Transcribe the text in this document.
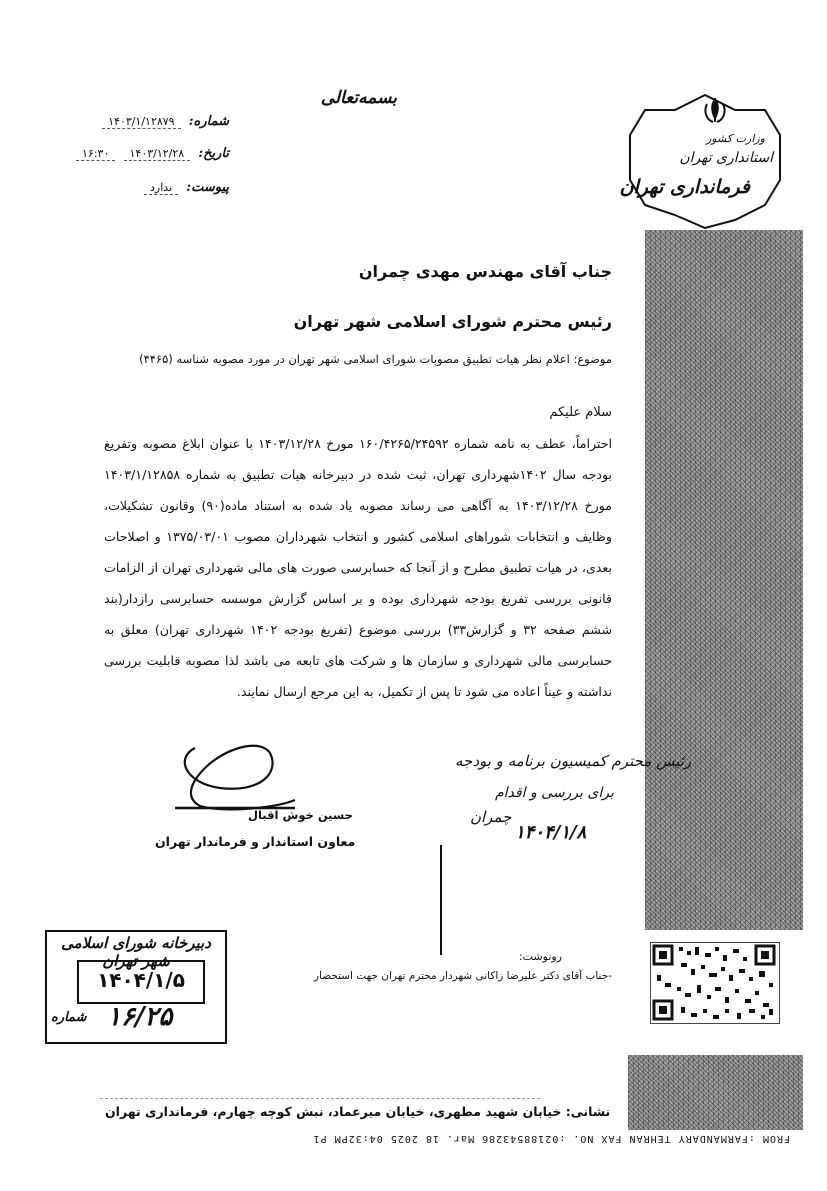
بسمه‌تعالی
شماره: ۱۴۰۳/۱/۱۲۸۷۹
تاریخ: ۱۴۰۳/۱۲/۲۸ ۱۶:۳۰
پیوست: ندارد
وزارت کشور
استانداری تهران
فرمانداری تهران
جناب آقای مهندس مهدی چمران
رئیس محترم شورای اسلامی شهر تهران
موضوع: اعلام نظر هیات تطبیق مصوبات شورای اسلامی شهر تهران در مورد مصوبه شناسه (۴۴۶۵)
سلام علیکم
احتراماً، عطف به نامه شماره ۱۶۰/۴۲۶۵/۲۴۵۹۲ مورخ ۱۴۰۳/۱۲/۲۸ با عنوان ابلاغ مصوبه وتفریغ بودجه سال ۱۴۰۲شهرداری تهران، ثبت شده در دبیرخانه هیات تطبیق به شماره ۱۴۰۳/۱/۱۲۸۵۸ مورخ ۱۴۰۳/۱۲/۲۸ به آگاهی می رساند مصوبه یاد شده به استناد ماده(۹۰) وقانون تشکیلات، وظایف و انتخابات شوراهای اسلامی کشور و انتخاب شهرداران مصوب ۱۳۷۵/۰۳/۰۱ و اصلاحات بعدی، در هیات تطبیق مطرح و از آنجا که حسابرسی صورت های مالی شهرداری تهران از الزامات قانونی بررسی تفریغ بودجه شهرداری بوده و بر اساس گزارش موسسه حسابرسی رازدار(بند ششم صفحه ۳۲ و گزارش۳۳) بررسی موضوع (تفریغ بودجه ۱۴۰۲ شهرداری تهران) معلق به حسابرسی مالی شهرداری و سازمان ها و شرکت های تابعه می باشد لذا مصوبه قابلیت بررسی نداشته و عیناً اعاده می شود تا پس از تکمیل، به این مرجع ارسال نمایند.
حسین خوش اقبال
معاون استاندار و فرماندار تهران
رئیس محترم کمیسیون برنامه و بودجه
برای بررسی و اقدام
چمران
۱۴۰۴/۱/۸
رونوشت:
-جناب آقای دکتر علیرضا زاکانی شهردار محترم تهران جهت استحضار
دبیرخانه شورای اسلامی شهر تهران
۱۴۰۴/۱/۵
۱۶/۲۵
شماره
نشانی: خیابان شهید مطهری، خیابان میرعماد، نبش کوچه چهارم، فرمانداری تهران
FROM :FARMANDARY TEHRAN FAX NO. :02188543286 Mar. 18 2025 04:32PM P1
